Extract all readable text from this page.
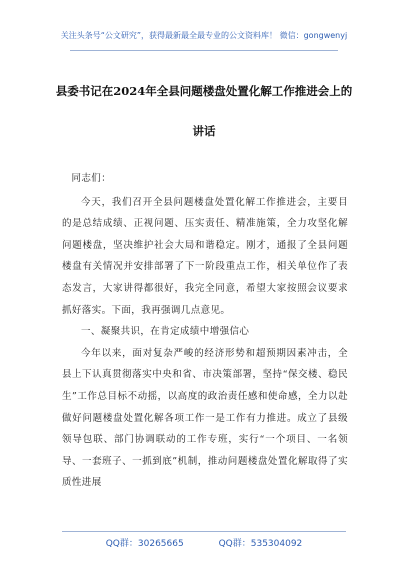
关注头条号“公文研究”，获得最新最全最专业的公文资料库！ 微信：gongwenyj
县委书记在2024年全县问题楼盘处置化解工作推进会上的
讲话

同志们：

今天，我们召开全县问题楼盘处置化解工作推进会，主要目的是总结成绩、正视问题、压实责任、精准施策，全力攻坚化解问题楼盘，坚决维护社会大局和谐稳定。刚才，通报了全县问题楼盘有关情况并安排部署了下一阶段重点工作，相关单位作了表态发言，大家讲得都很好，我完全同意，希望大家按照会议要求抓好落实。下面，我再强调几点意见。

一、凝聚共识，在肯定成绩中增强信心

今年以来，面对复杂严峻的经济形势和超预期因素冲击，全县上下认真贯彻落实中央和省、市决策部署，坚持“保交楼、稳民生”工作总目标不动摇，以高度的政治责任感和使命感，全力以赴做好问题楼盘处置化解各项工作一是工作有力推进。成立了县级领导包联、部门协调联动的工作专班，实行“一个项目、一名领导、一套班子、一抓到底”机制，推动问题楼盘处置化解取得了实质性进展

QQ群：30265665	QQ群：535304092
